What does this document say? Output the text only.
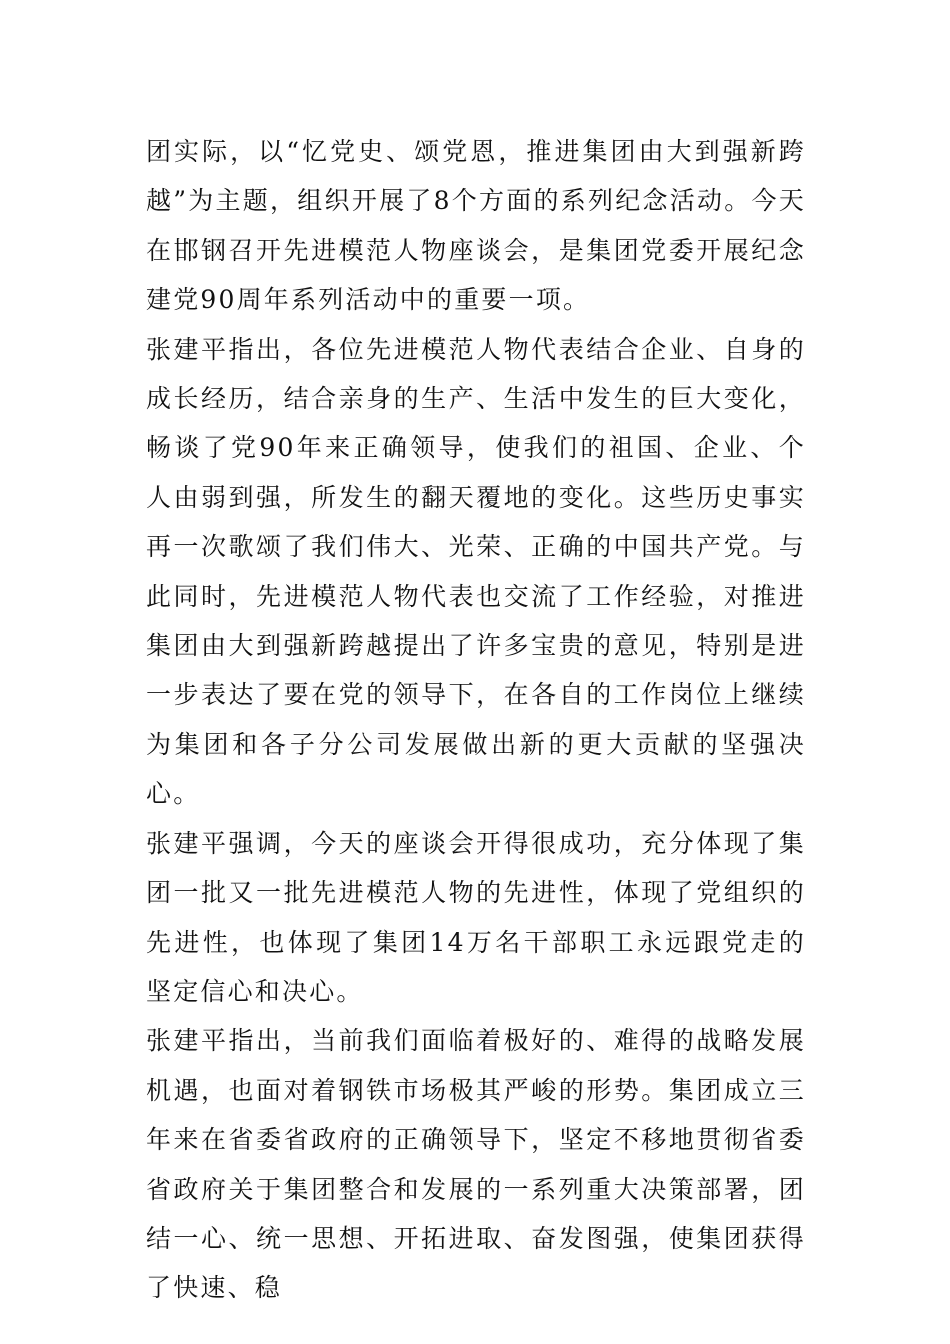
团实际，以“忆党史、颂党恩，推进集团由大到强新跨越”为主题，组织开展了8个方面的系列纪念活动。今天在邯钢召开先进模范人物座谈会，是集团党委开展纪念建党90周年系列活动中的重要一项。

张建平指出，各位先进模范人物代表结合企业、自身的成长经历，结合亲身的生产、生活中发生的巨大变化，畅谈了党90年来正确领导，使我们的祖国、企业、个人由弱到强，所发生的翻天覆地的变化。这些历史事实再一次歌颂了我们伟大、光荣、正确的中国共产党。与此同时，先进模范人物代表也交流了工作经验，对推进集团由大到强新跨越提出了许多宝贵的意见，特别是进一步表达了要在党的领导下，在各自的工作岗位上继续为集团和各子分公司发展做出新的更大贡献的坚强决心。

张建平强调，今天的座谈会开得很成功，充分体现了集团一批又一批先进模范人物的先进性，体现了党组织的先进性，也体现了集团14万名干部职工永远跟党走的坚定信心和决心。

张建平指出，当前我们面临着极好的、难得的战略发展机遇，也面对着钢铁市场极其严峻的形势。集团成立三年来在省委省政府的正确领导下，坚定不移地贯彻省委省政府关于集团整合和发展的一系列重大决策部署，团结一心、统一思想、开拓进取、奋发图强，使集团获得了快速、稳
